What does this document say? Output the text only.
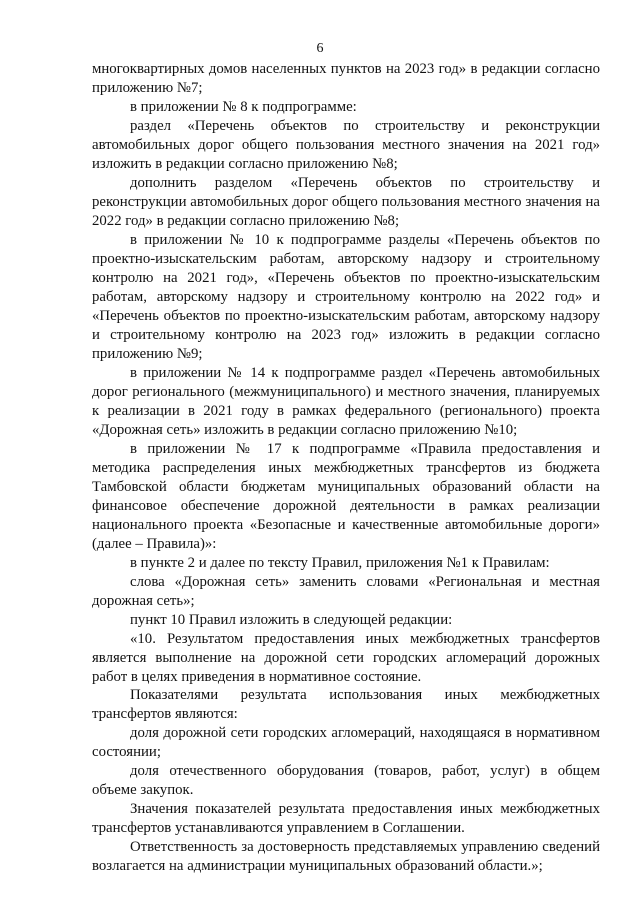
6

многоквартирных домов населенных пунктов на 2023 год» в редакции согласно приложению №7;

в приложении № 8 к подпрограмме:

раздел «Перечень объектов по строительству и реконструкции автомобильных дорог общего пользования местного значения на 2021 год» изложить в редакции согласно приложению №8;

дополнить разделом «Перечень объектов по строительству и реконструкции автомобильных дорог общего пользования местного значения на 2022 год» в редакции согласно приложению №8;

в приложении № 10 к подпрограмме разделы «Перечень объектов по проектно-изыскательским работам, авторскому надзору и строительному контролю на 2021 год», «Перечень объектов по проектно-изыскательским работам, авторскому надзору и строительному контролю на 2022 год» и «Перечень объектов по проектно-изыскательским работам, авторскому надзору и строительному контролю на 2023 год» изложить в редакции согласно приложению №9;

в приложении № 14 к подпрограмме раздел «Перечень автомобильных дорог регионального (межмуниципального) и местного значения, планируемых к реализации в 2021 году в рамках федерального (регионального) проекта «Дорожная сеть» изложить в редакции согласно приложению №10;

в приложении № 17 к подпрограмме «Правила предоставления и методика распределения иных межбюджетных трансфертов из бюджета Тамбовской области бюджетам муниципальных образований области на финансовое обеспечение дорожной деятельности в рамках реализации национального проекта «Безопасные и качественные автомобильные дороги» (далее – Правила)»:

в пункте 2 и далее по тексту Правил, приложения №1 к Правилам:

слова «Дорожная сеть» заменить словами «Региональная и местная дорожная сеть»;

пункт 10 Правил изложить в следующей редакции:

«10. Результатом предоставления иных межбюджетных трансфертов является выполнение на дорожной сети городских агломераций дорожных работ в целях приведения в нормативное состояние.

Показателями результата использования иных межбюджетных трансфертов являются:

доля дорожной сети городских агломераций, находящаяся в нормативном состоянии;

доля отечественного оборудования (товаров, работ, услуг) в общем объеме закупок.

Значения показателей результата предоставления иных межбюджетных трансфертов устанавливаются управлением в Соглашении.

Ответственность за достоверность представляемых управлению сведений возлагается на администрации муниципальных образований области.»;
